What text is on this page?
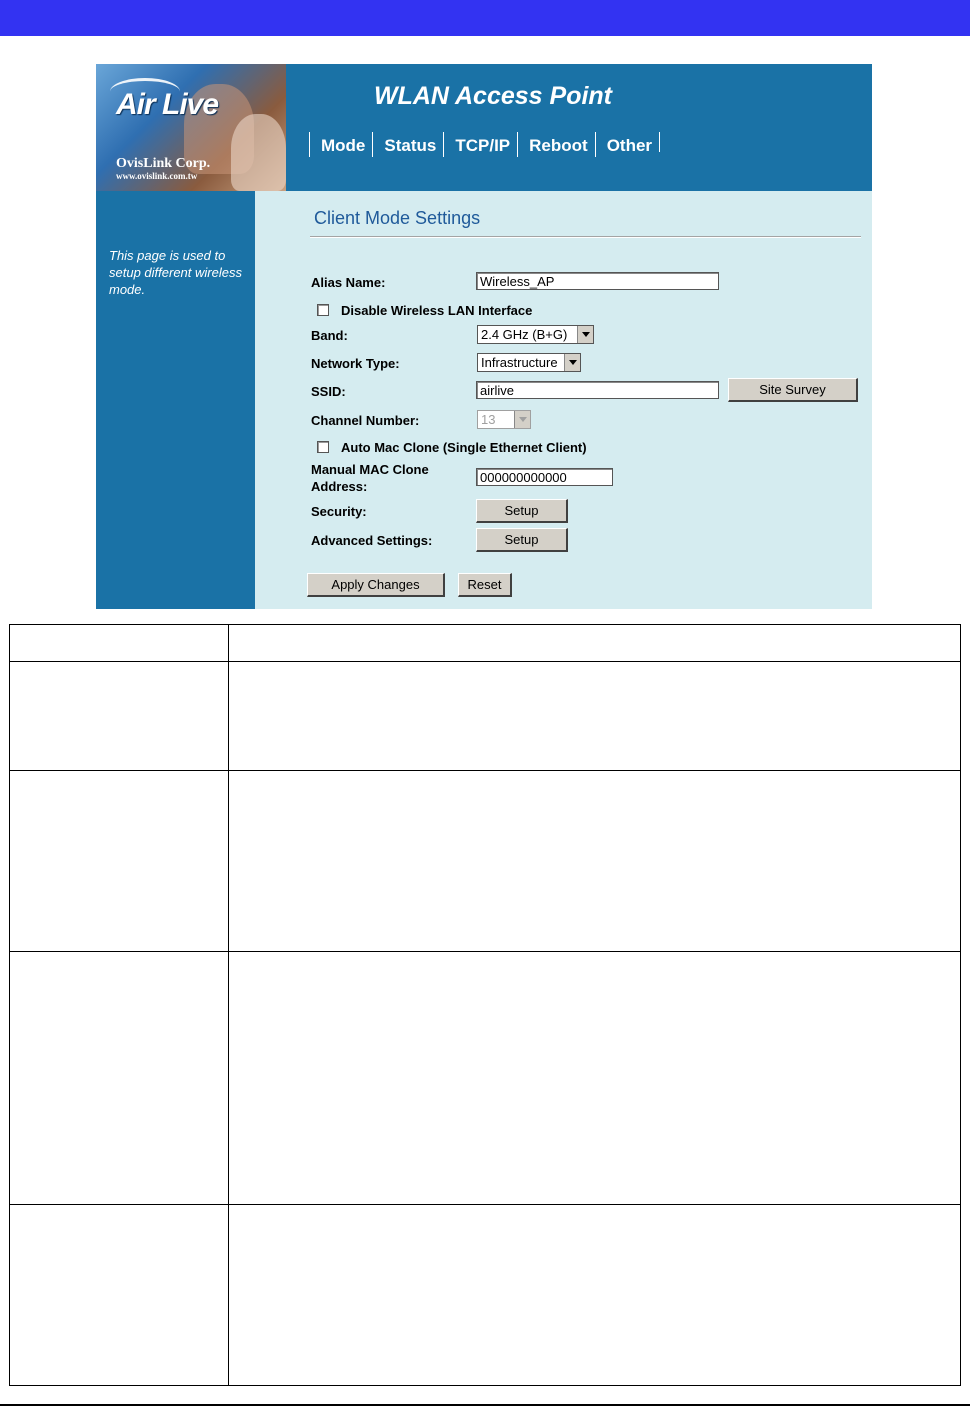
Air Live
OvisLink Corp.
www.ovislink.com.tw
WLAN Access Point
Mode	Status	TCP/IP	Reboot	Other
This page is used to setup different wireless mode.
Client Mode Settings
Alias Name:	Wireless_AP
Disable Wireless LAN Interface
Band:	2.4 GHz (B+G)
Network Type:	Infrastructure
SSID:	airlive	Site Survey
Channel Number:	13
Auto Mac Clone (Single Ethernet Client)
Manual MAC Clone
Address:
000000000000
Security:	Setup
Advanced Settings:	Setup
Apply Changes	Reset
